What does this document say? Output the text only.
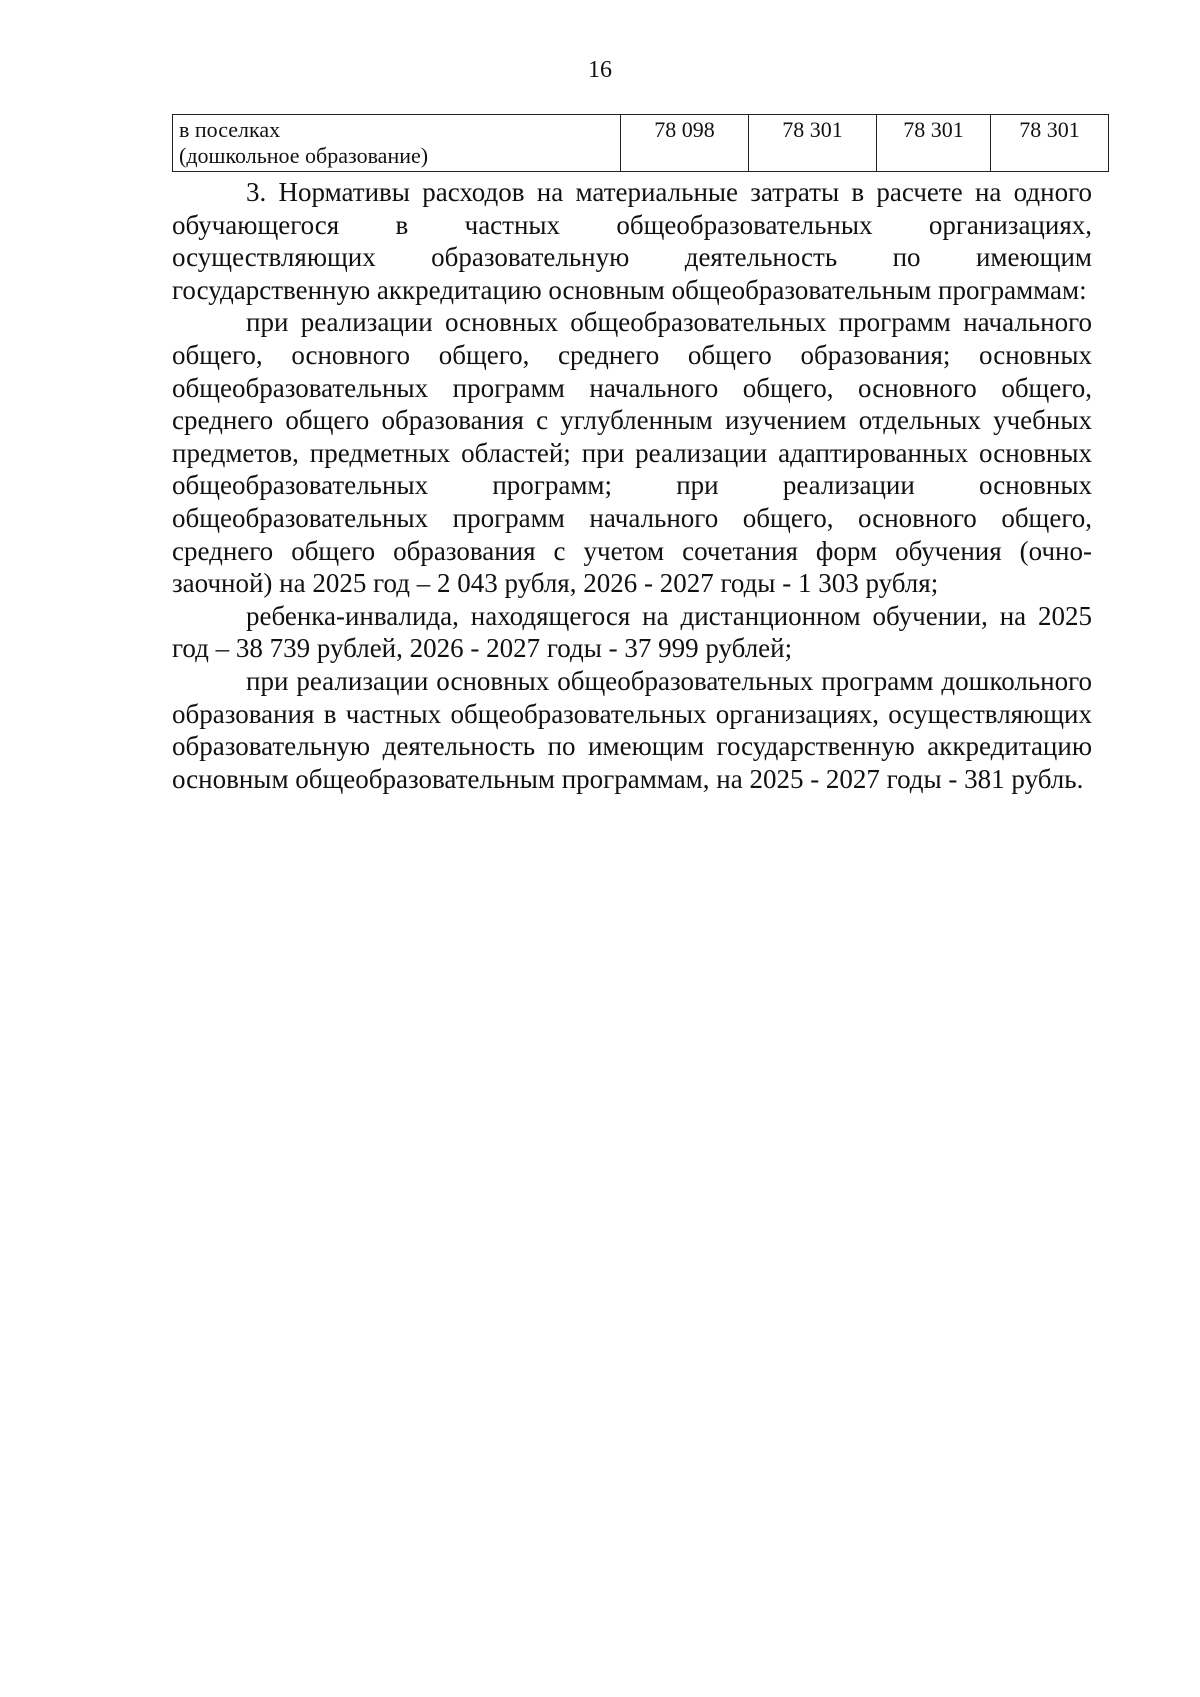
16
в поселках
(дошкольное образование)
	78 098	78 301	78 301	78 301

3. Нормативы расходов на материальные затраты в расчете на одного обучающегося в частных общеобразовательных организациях, осуществляющих образовательную деятельность по имеющим государственную аккредитацию основным общеобразовательным программам:

при реализации основных общеобразовательных программ начального общего, основного общего, среднего общего образования; основных общеобразовательных программ начального общего, основного общего, среднего общего образования с углубленным изучением отдельных учебных предметов, предметных областей; при реализации адаптированных основных общеобразовательных программ; при реализации основных общеобразовательных программ начального общего, основного общего, среднего общего образования с учетом сочетания форм обучения (очно-заочной) на 2025 год – 2 043 рубля, 2026 - 2027 годы - 1 303 рубля;

ребенка-инвалида, находящегося на дистанционном обучении, на 2025 год – 38 739 рублей, 2026 - 2027 годы - 37 999 рублей;

при реализации основных общеобразовательных программ дошкольного образования в частных общеобразовательных организациях, осуществляющих образовательную деятельность по имеющим государственную аккредитацию основным общеобразовательным программам, на 2025 - 2027 годы - 381 рубль.
